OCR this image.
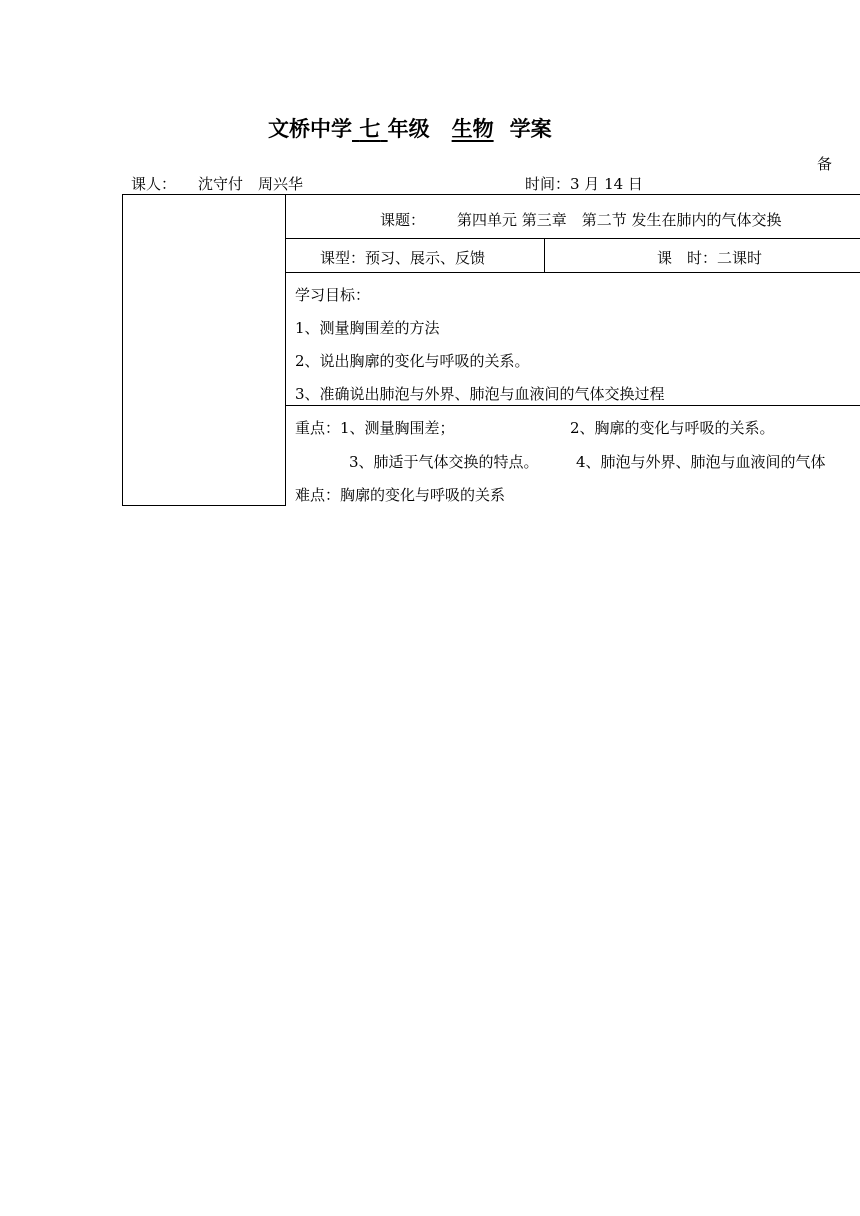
文桥中学 七 年级 生物 学案
备
课人： 沈守付　周兴华	时间：3 月 14 日
课题： 第四单元 第三章　第二节 发生在肺内的气体交换
课型：预习、展示、反馈	课　时：二课时
学习目标：
1、测量胸围差的方法
2、说出胸廓的变化与呼吸的关系。
3、准确说出肺泡与外界、肺泡与血液间的气体交换过程
重点：1、测量胸围差；	2、胸廓的变化与呼吸的关系。
3、肺适于气体交换的特点。 4、肺泡与外界、肺泡与血液间的气体
难点：胸廓的变化与呼吸的关系
